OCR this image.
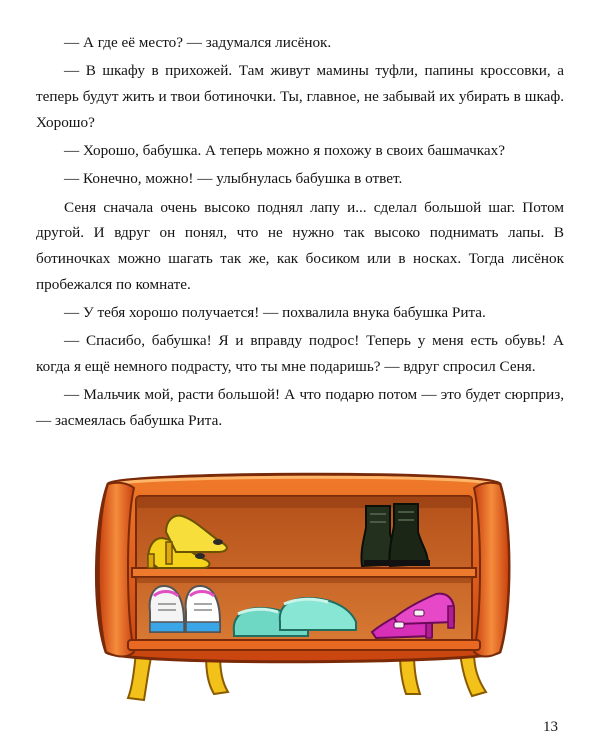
— А где её место? — задумался лисёнок.

— В шкафу в прихожей. Там живут мамины туфли, папины кроссовки, а теперь будут жить и твои ботиночки. Ты, главное, не забывай их убирать в шкаф. Хорошо?

— Хорошо, бабушка. А теперь можно я похожу в своих башмачках?

— Конечно, можно! — улыбнулась бабушка в ответ.

Сеня сначала очень высоко поднял лапу и... сделал большой шаг. Потом другой. И вдруг он понял, что не нужно так высоко поднимать лапы. В ботиночках можно шагать так же, как босиком или в носках. Тогда лисёнок пробежался по комнате.

— У тебя хорошо получается! — похвалила внука бабушка Рита.

— Спасибо, бабушка! Я и вправду подрос! Теперь у меня есть обувь! А когда я ещё немного подрасту, что ты мне подаришь? — вдруг спросил Сеня.

— Мальчик мой, расти большой! А что подарю потом — это будет сюрприз, — засмеялась бабушка Рита.

13
